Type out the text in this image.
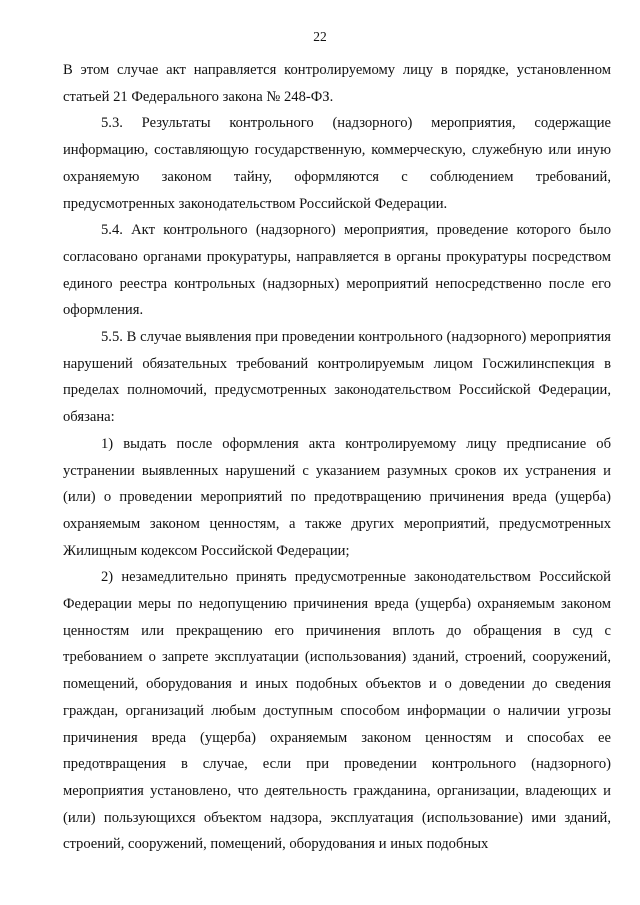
22

В этом случае акт направляется контролируемому лицу в порядке, установленном статьей 21 Федерального закона № 248-ФЗ.

5.3. Результаты контрольного (надзорного) мероприятия, содержащие информацию, составляющую государственную, коммерческую, служебную или иную охраняемую законом тайну, оформляются с соблюдением требований, предусмотренных законодательством Российской Федерации.

5.4. Акт контрольного (надзорного) мероприятия, проведение которого было согласовано органами прокуратуры, направляется в органы прокуратуры посредством единого реестра контрольных (надзорных) мероприятий непосредственно после его оформления.

5.5. В случае выявления при проведении контрольного (надзорного) мероприятия нарушений обязательных требований контролируемым лицом Госжилинспекция в пределах полномочий, предусмотренных законодательством Российской Федерации, обязана:

1) выдать после оформления акта контролируемому лицу предписание об устранении выявленных нарушений с указанием разумных сроков их устранения и (или) о проведении мероприятий по предотвращению причинения вреда (ущерба) охраняемым законом ценностям, а также других мероприятий, предусмотренных Жилищным кодексом Российской Федерации;

2) незамедлительно принять предусмотренные законодательством Российской Федерации меры по недопущению причинения вреда (ущерба) охраняемым законом ценностям или прекращению его причинения вплоть до обращения в суд с требованием о запрете эксплуатации (использования) зданий, строений, сооружений, помещений, оборудования и иных подобных объектов и о доведении до сведения граждан, организаций любым доступным способом информации о наличии угрозы причинения вреда (ущерба) охраняемым законом ценностям и способах ее предотвращения в случае, если при проведении контрольного (надзорного) мероприятия установлено, что деятельность гражданина, организации, владеющих и (или) пользующихся объектом надзора, эксплуатация (использование) ими зданий, строений, сооружений, помещений, оборудования и иных подобных
